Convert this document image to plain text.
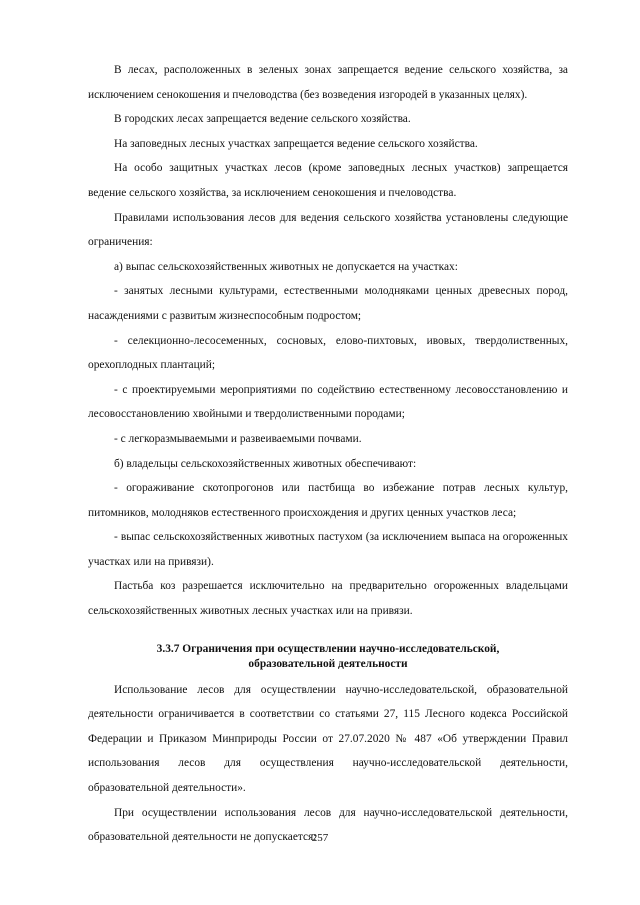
В лесах, расположенных в зеленых зонах запрещается ведение сельского хозяйства, за исключением сенокошения и пчеловодства (без возведения изгородей в указанных целях).

В городских лесах запрещается ведение сельского хозяйства.

На заповедных лесных участках запрещается ведение сельского хозяйства.

На особо защитных участках лесов (кроме заповедных лесных участков) запрещается ведение сельского хозяйства, за исключением сенокошения и пчеловодства.

Правилами использования лесов для ведения сельского хозяйства установлены следующие ограничения:

а) выпас сельскохозяйственных животных не допускается на участках:

- занятых лесными культурами, естественными молодняками ценных древесных пород, насаждениями с развитым жизнеспособным подростом;

- селекционно-лесосеменных, сосновых, елово-пихтовых, ивовых, твердолиственных, орехоплодных плантаций;

- с проектируемыми мероприятиями по содействию естественному лесовосстановлению и лесовосстановлению хвойными и твердолиственными породами;

- с легкоразмываемыми и развеиваемыми почвами.

б) владельцы сельскохозяйственных животных обеспечивают:

- огораживание скотопрогонов или пастбища во избежание потрав лесных культур, питомников, молодняков естественного происхождения и других ценных участков леса;

- выпас сельскохозяйственных животных пастухом (за исключением выпаса на огороженных участках или на привязи).

Пастьба коз разрешается исключительно на предварительно огороженных владельцами сельскохозяйственных животных лесных участках или на привязи.

3.3.7 Ограничения при осуществлении научно-исследовательской,
образовательной деятельности

Использование лесов для осуществлении научно-исследовательской, образовательной деятельности ограничивается в соответствии со статьями 27, 115 Лесного кодекса Российской Федерации и Приказом Минприроды России от 27.07.2020 № 487 «Об утверждении Правил использования лесов для осуществления научно-исследовательской деятельности, образовательной деятельности».

При осуществлении использования лесов для научно-исследовательской деятельности, образовательной деятельности не допускается:

257
